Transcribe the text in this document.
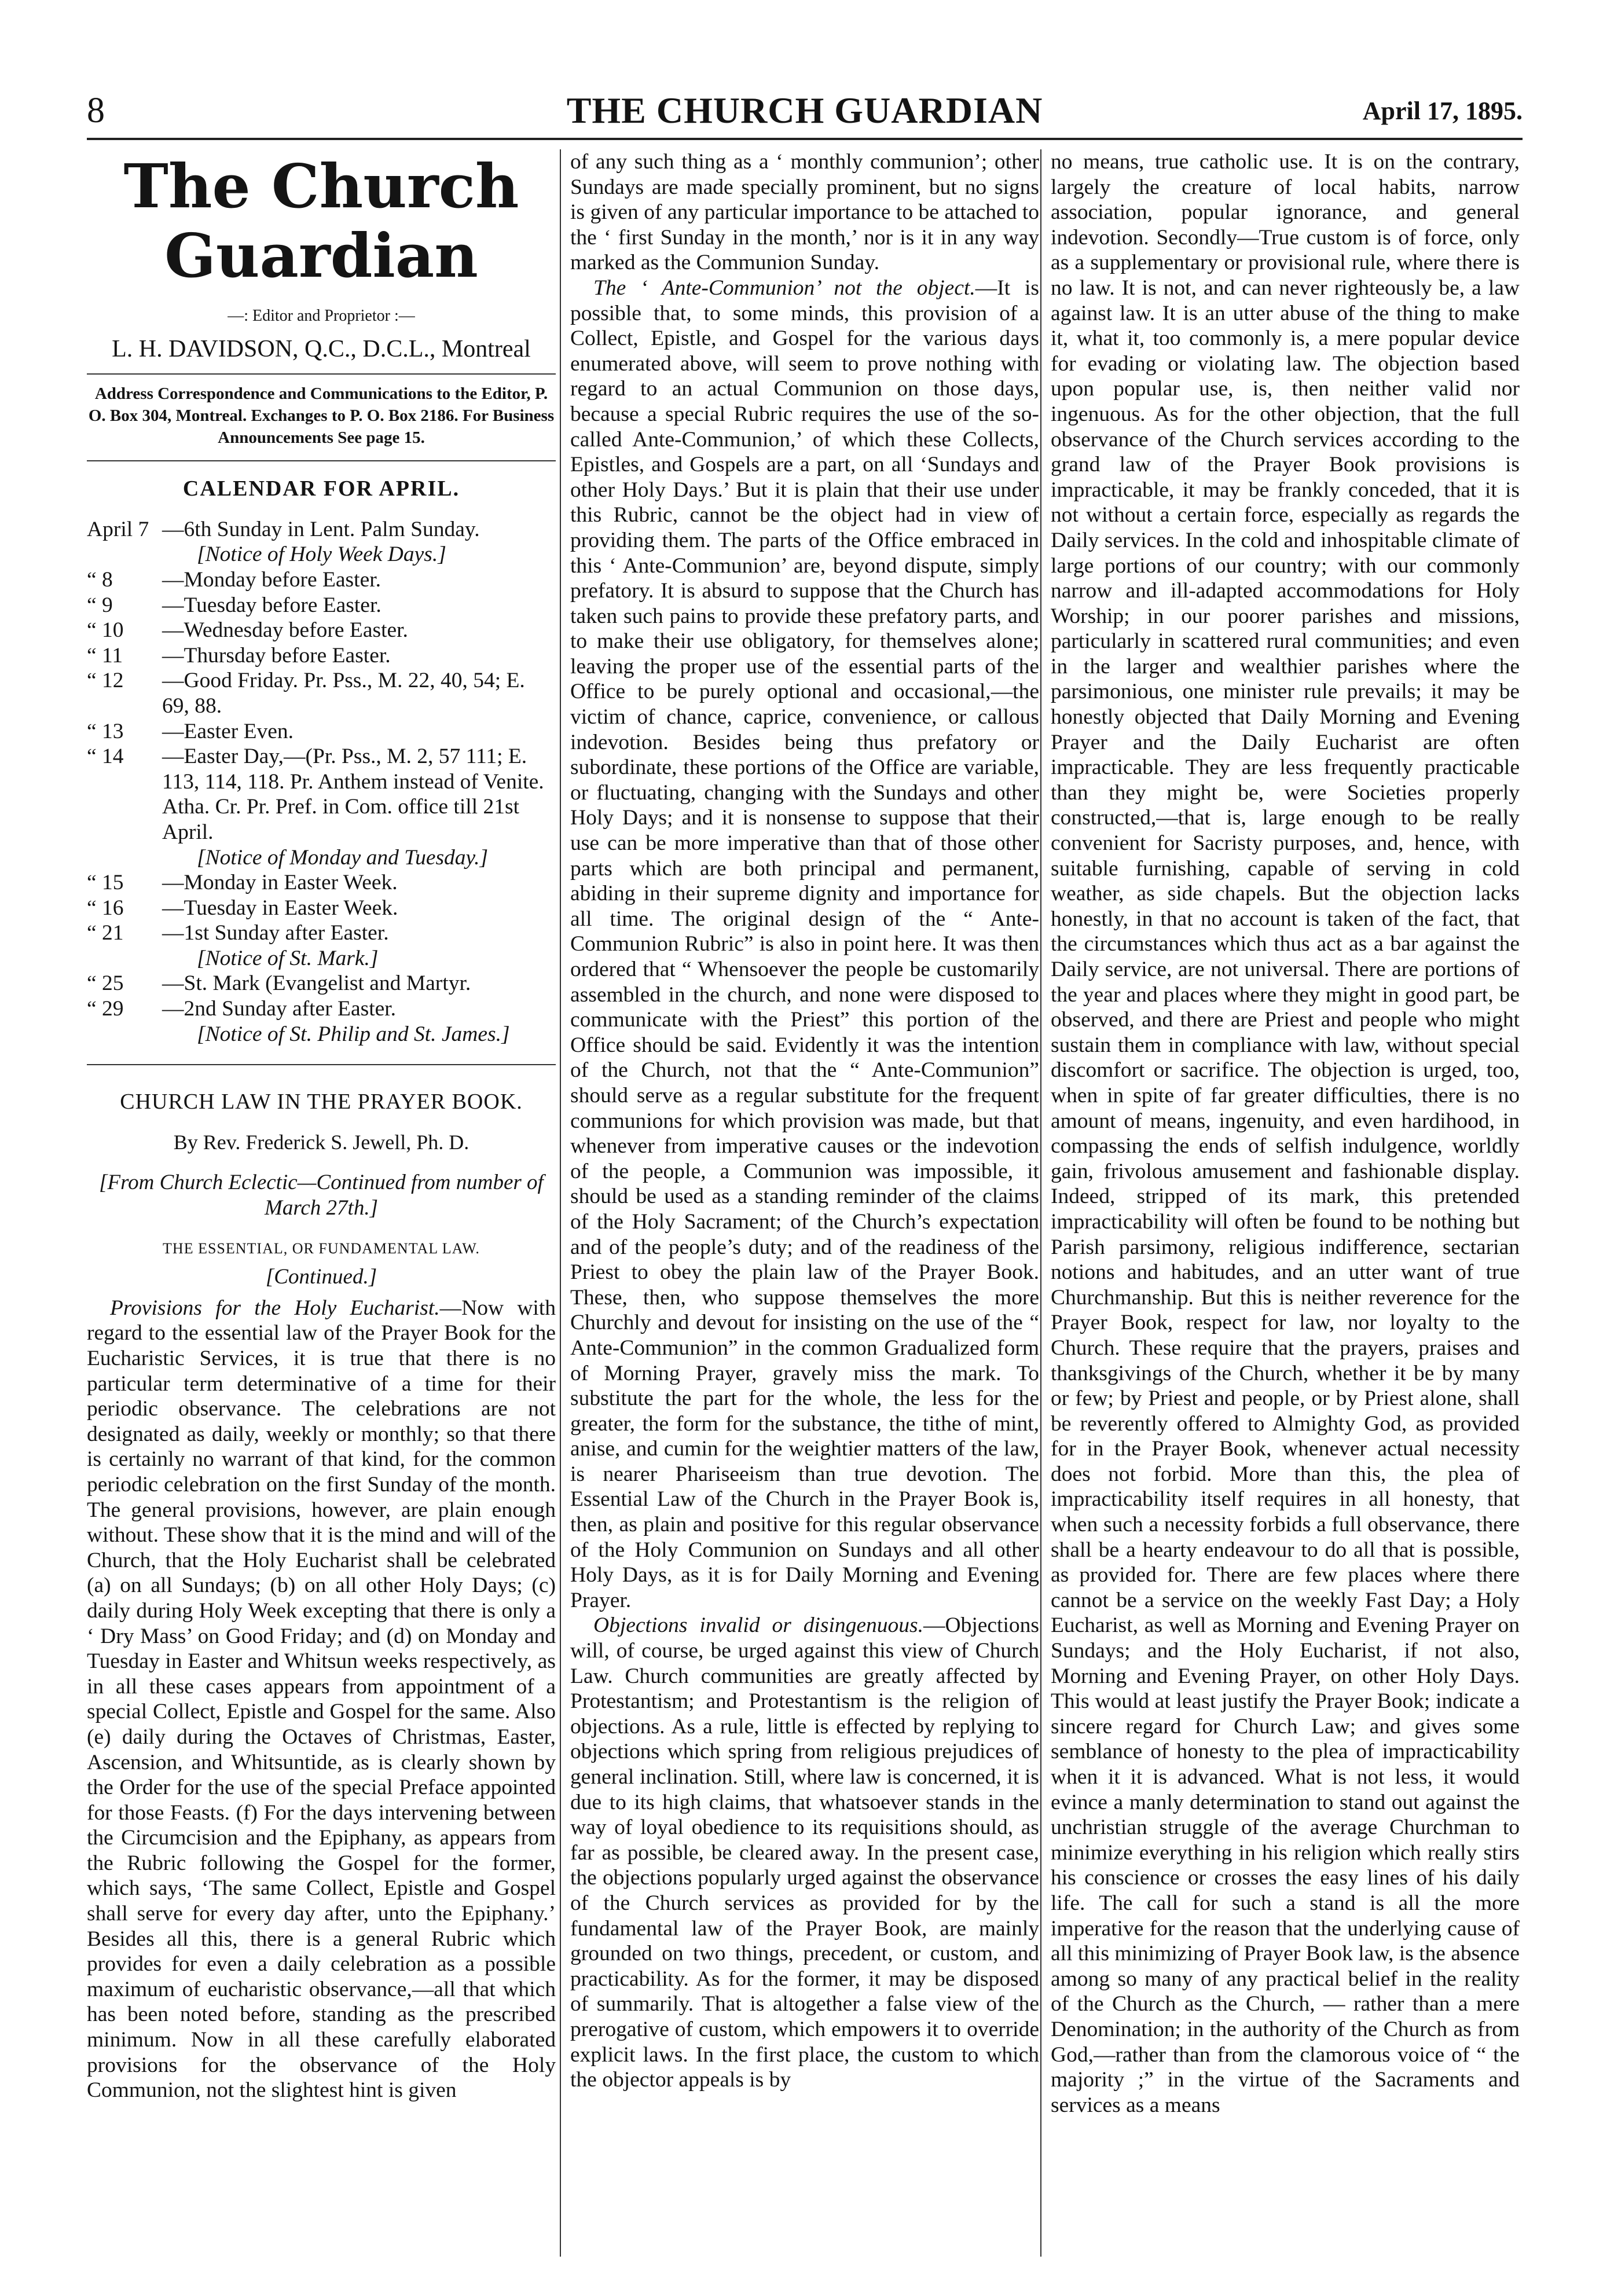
8	THE CHURCH GUARDIAN	April 17, 1895.
The Church Guardian
—: Editor and Proprietor :—
L. H. DAVIDSON, Q.C., D.C.L., Montreal
Address Correspondence and Communications to the Editor, P. O. Box 304, Montreal. Exchanges to P. O. Box 2186. For Business Announcements See page 15.
CALENDAR FOR APRIL.
April 7 —6th Sunday in Lent. Palm Sunday.
[Notice of Holy Week Days.]
“ 8 —Monday before Easter.
“ 9 —Tuesday before Easter.
“ 10 —Wednesday before Easter.
“ 11 —Thursday before Easter.
“ 12 —Good Friday. Pr. Pss., M. 22, 40, 54; E. 69, 88.
“ 13 —Easter Even.
“ 14 —Easter Day,—(Pr. Pss., M. 2, 57 111; E. 113, 114, 118. Pr. Anthem instead of Venite. Atha. Cr. Pr. Pref. in Com. office till 21st April.
[Notice of Monday and Tuesday.]
“ 15 —Monday in Easter Week.
“ 16 —Tuesday in Easter Week.
“ 21 —1st Sunday after Easter.
[Notice of St. Mark.]
“ 25 —St. Mark (Evangelist and Martyr.
“ 29 —2nd Sunday after Easter.
[Notice of St. Philip and St. James.]
CHURCH LAW IN THE PRAYER BOOK.
By Rev. Frederick S. Jewell, Ph. D.
[From Church Eclectic—Continued from number of March 27th.]
THE ESSENTIAL, OR FUNDAMENTAL LAW.
[Continued.]

Provisions for the Holy Eucharist.—Now with regard to the essential law of the Prayer Book for the Eucharistic Services, it is true that there is no particular term determinative of a time for their periodic observance. The celebrations are not designated as daily, weekly or monthly; so that there is certainly no warrant of that kind, for the common periodic celebration on the first Sunday of the month. The general provisions, however, are plain enough without. These show that it is the mind and will of the Church, that the Holy Eucharist shall be celebrated (a) on all Sundays; (b) on all other Holy Days; (c) daily during Holy Week excepting that there is only a ‘ Dry Mass’ on Good Friday; and (d) on Monday and Tuesday in Easter and Whitsun weeks respectively, as in all these cases appears from appointment of a special Collect, Epistle and Gospel for the same. Also (e) daily during the Octaves of Christmas, Easter, Ascension, and Whitsuntide, as is clearly shown by the Order for the use of the special Preface appointed for those Feasts. (f) For the days intervening between the Circumcision and the Epiphany, as appears from the Rubric following the Gospel for the former, which says, ‘The same Collect, Epistle and Gospel shall serve for every day after, unto the Epiphany.’ Besides all this, there is a general Rubric which provides for even a daily celebration as a possible maximum of eucharistic observance,—all that which has been noted before, standing as the prescribed minimum. Now in all these carefully elaborated provisions for the observance of the Holy Communion, not the slightest hint is given

of any such thing as a ‘ monthly communion’; other Sundays are made specially prominent, but no signs is given of any particular importance to be attached to the ‘ first Sunday in the month,’ nor is it in any way marked as the Communion Sunday.

The ‘ Ante-Communion’ not the object.—It is possible that, to some minds, this provision of a Collect, Epistle, and Gospel for the various days enumerated above, will seem to prove nothing with regard to an actual Communion on those days, because a special Rubric requires the use of the so-called Ante-Communion,’ of which these Collects, Epistles, and Gospels are a part, on all ‘Sundays and other Holy Days.’ But it is plain that their use under this Rubric, cannot be the object had in view of providing them. The parts of the Office embraced in this ‘ Ante-Communion’ are, beyond dispute, simply prefatory. It is absurd to suppose that the Church has taken such pains to provide these prefatory parts, and to make their use obligatory, for themselves alone; leaving the proper use of the essential parts of the Office to be purely optional and occasional,—the victim of chance, caprice, convenience, or callous indevotion. Besides being thus prefatory or subordinate, these portions of the Office are variable, or fluctuating, changing with the Sundays and other Holy Days; and it is nonsense to suppose that their use can be more imperative than that of those other parts which are both principal and permanent, abiding in their supreme dignity and importance for all time. The original design of the “ Ante-Communion Rubric” is also in point here. It was then ordered that “ Whensoever the people be customarily assembled in the church, and none were disposed to communicate with the Priest” this portion of the Office should be said. Evidently it was the intention of the Church, not that the “ Ante-Communion” should serve as a regular substitute for the frequent communions for which provision was made, but that whenever from imperative causes or the indevotion of the people, a Communion was impossible, it should be used as a standing reminder of the claims of the Holy Sacrament; of the Church’s expectation and of the people’s duty; and of the readiness of the Priest to obey the plain law of the Prayer Book. These, then, who suppose themselves the more Churchly and devout for insisting on the use of the “ Ante-Communion” in the common Gradualized form of Morning Prayer, gravely miss the mark. To substitute the part for the whole, the less for the greater, the form for the substance, the tithe of mint, anise, and cumin for the weightier matters of the law, is nearer Phariseeism than true devotion. The Essential Law of the Church in the Prayer Book is, then, as plain and positive for this regular observance of the Holy Communion on Sundays and all other Holy Days, as it is for Daily Morning and Evening Prayer.

Objections invalid or disingenuous.—Objections will, of course, be urged against this view of Church Law. Church communities are greatly affected by Protestantism; and Protestantism is the religion of objections. As a rule, little is effected by replying to objections which spring from religious prejudices of general inclination. Still, where law is concerned, it is due to its high claims, that whatsoever stands in the way of loyal obedience to its requisitions should, as far as possible, be cleared away. In the present case, the objections popularly urged against the observance of the Church services as provided for by the fundamental law of the Prayer Book, are mainly grounded on two things, precedent, or custom, and practicability. As for the former, it may be disposed of summarily. That is altogether a false view of the prerogative of custom, which empowers it to override explicit laws. In the first place, the custom to which the objector appeals is by

no means, true catholic use. It is on the contrary, largely the creature of local habits, narrow association, popular ignorance, and general indevotion. Secondly—True custom is of force, only as a supplementary or provisional rule, where there is no law. It is not, and can never righteously be, a law against law. It is an utter abuse of the thing to make it, what it, too commonly is, a mere popular device for evading or violating law. The objection based upon popular use, is, then neither valid nor ingenuous. As for the other objection, that the full observance of the Church services according to the grand law of the Prayer Book provisions is impracticable, it may be frankly conceded, that it is not without a certain force, especially as regards the Daily services. In the cold and inhospitable climate of large portions of our country; with our commonly narrow and ill-adapted accommodations for Holy Worship; in our poorer parishes and missions, particularly in scattered rural communities; and even in the larger and wealthier parishes where the parsimonious, one minister rule prevails; it may be honestly objected that Daily Morning and Evening Prayer and the Daily Eucharist are often impracticable. They are less frequently practicable than they might be, were Societies properly constructed,—that is, large enough to be really convenient for Sacristy purposes, and, hence, with suitable furnishing, capable of serving in cold weather, as side chapels. But the objection lacks honestly, in that no account is taken of the fact, that the circumstances which thus act as a bar against the Daily service, are not universal. There are portions of the year and places where they might in good part, be observed, and there are Priest and people who might sustain them in compliance with law, without special discomfort or sacrifice. The objection is urged, too, when in spite of far greater difficulties, there is no amount of means, ingenuity, and even hardihood, in compassing the ends of selfish indulgence, worldly gain, frivolous amusement and fashionable display. Indeed, stripped of its mark, this pretended impracticability will often be found to be nothing but Parish parsimony, religious indifference, sectarian notions and habitudes, and an utter want of true Churchmanship. But this is neither reverence for the Prayer Book, respect for law, nor loyalty to the Church. These require that the prayers, praises and thanksgivings of the Church, whether it be by many or few; by Priest and people, or by Priest alone, shall be reverently offered to Almighty God, as provided for in the Prayer Book, whenever actual necessity does not forbid. More than this, the plea of impracticability itself requires in all honesty, that when such a necessity forbids a full observance, there shall be a hearty endeavour to do all that is possible, as provided for. There are few places where there cannot be a service on the weekly Fast Day; a Holy Eucharist, as well as Morning and Evening Prayer on Sundays; and the Holy Eucharist, if not also, Morning and Evening Prayer, on other Holy Days. This would at least justify the Prayer Book; indicate a sincere regard for Church Law; and gives some semblance of honesty to the plea of impracticability when it it is advanced. What is not less, it would evince a manly determination to stand out against the unchristian struggle of the average Churchman to minimize everything in his religion which really stirs his conscience or crosses the easy lines of his daily life. The call for such a stand is all the more imperative for the reason that the underlying cause of all this minimizing of Prayer Book law, is the absence among so many of any practical belief in the reality of the Church as the Church, — rather than a mere Denomination; in the authority of the Church as from God,—rather than from the clamorous voice of “ the majority ;” in the virtue of the Sacraments and services as a means
